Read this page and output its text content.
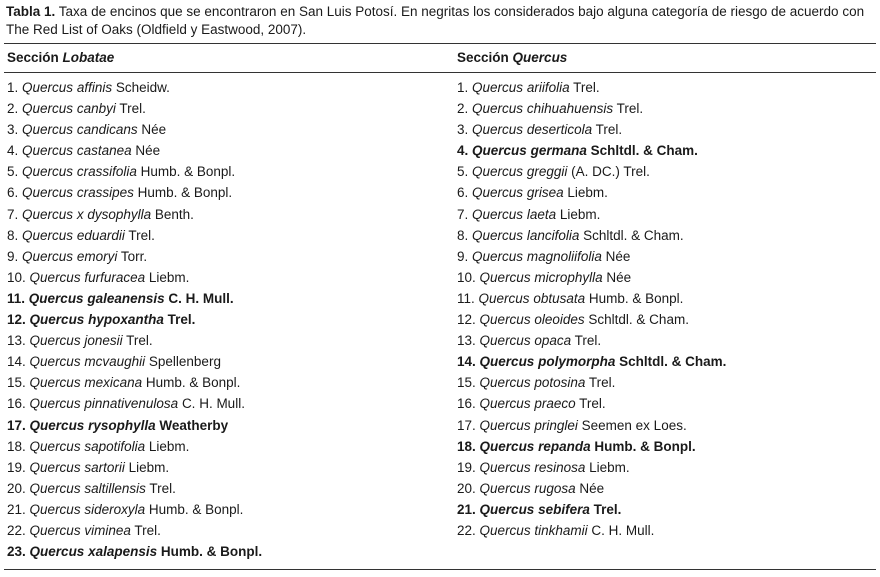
Tabla 1. Taxa de encinos que se encontraron en San Luis Potosí. En negritas los considerados bajo alguna categoría de riesgo de acuerdo con The Red List of Oaks (Oldfield y Eastwood, 2007).
Sección Lobatae	Sección Quercus
1. Quercus affinis Scheidw.
2. Quercus canbyi Trel.
3. Quercus candicans Née
4. Quercus castanea Née
5. Quercus crassifolia Humb. & Bonpl.
6. Quercus crassipes Humb. & Bonpl.
7. Quercus x dysophylla Benth.
8. Quercus eduardii Trel.
9. Quercus emoryi Torr.
10. Quercus furfuracea Liebm.
11. Quercus galeanensis C. H. Mull.
12. Quercus hypoxantha Trel.
13. Quercus jonesii Trel.
14. Quercus mcvaughii Spellenberg
15. Quercus mexicana Humb. & Bonpl.
16. Quercus pinnativenulosa C. H. Mull.
17. Quercus rysophylla Weatherby
18. Quercus sapotifolia Liebm.
19. Quercus sartorii Liebm.
20. Quercus saltillensis Trel.
21. Quercus sideroxyla Humb. & Bonpl.
22. Quercus viminea Trel.
23. Quercus xalapensis Humb. & Bonpl.
1. Quercus ariifolia Trel.
2. Quercus chihuahuensis Trel.
3. Quercus deserticola Trel.
4. Quercus germana Schltdl. & Cham.
5. Quercus greggii (A. DC.) Trel.
6. Quercus grisea Liebm.
7. Quercus laeta Liebm.
8. Quercus lancifolia Schltdl. & Cham.
9. Quercus magnoliifolia Née
10. Quercus microphylla Née
11. Quercus obtusata Humb. & Bonpl.
12. Quercus oleoides Schltdl. & Cham.
13. Quercus opaca Trel.
14. Quercus polymorpha Schltdl. & Cham.
15. Quercus potosina Trel.
16. Quercus praeco Trel.
17. Quercus pringlei Seemen ex Loes.
18. Quercus repanda Humb. & Bonpl.
19. Quercus resinosa Liebm.
20. Quercus rugosa Née
21. Quercus sebifera Trel.
22. Quercus tinkhamii C. H. Mull.
